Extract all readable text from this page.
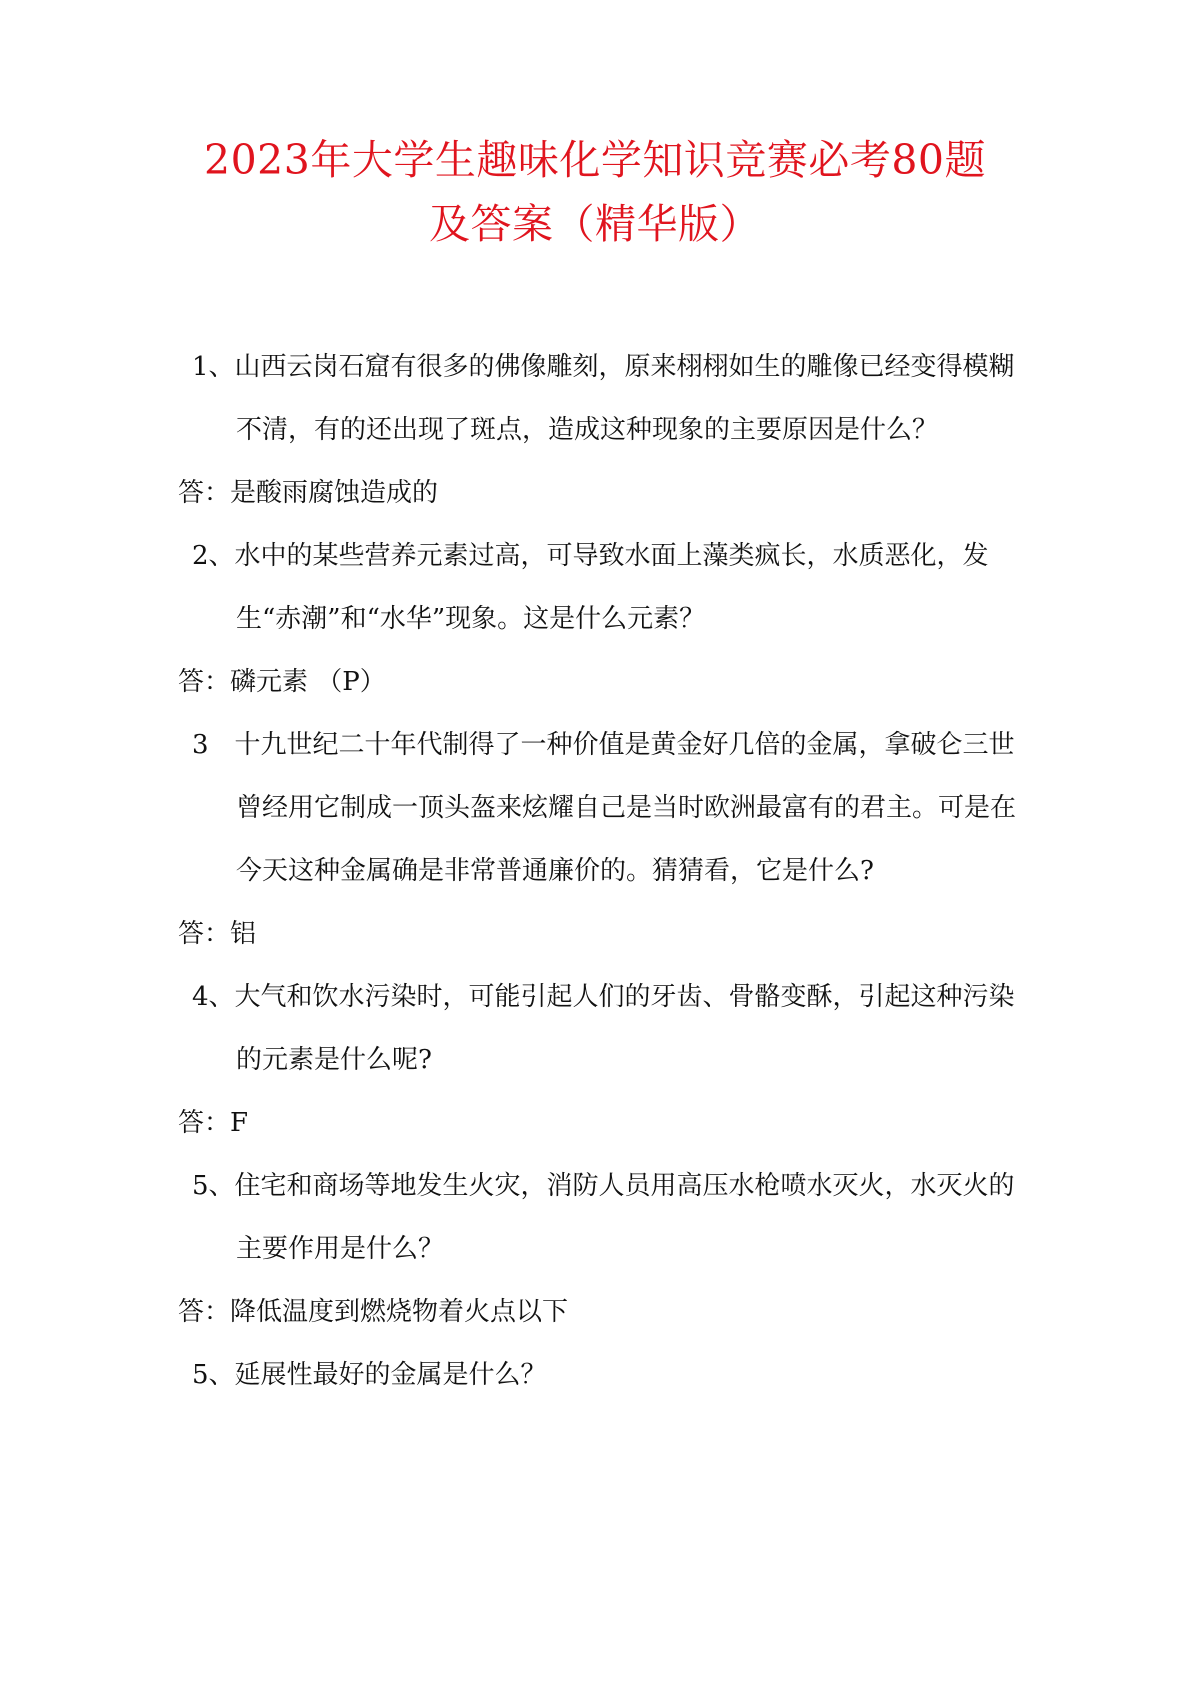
2023年大学生趣味化学知识竞赛必考80题
及答案（精华版）

1、山西云岗石窟有很多的佛像雕刻，原来栩栩如生的雕像已经变得模糊不清，有的还出现了斑点，造成这种现象的主要原因是什么？

答：是酸雨腐蚀造成的

2、水中的某些营养元素过高，可导致水面上藻类疯长，水质恶化，发生“赤潮”和“水华”现象。这是什么元素？

答：磷元素 （P）

3　十九世纪二十年代制得了一种价值是黄金好几倍的金属，拿破仑三世曾经用它制成一顶头盔来炫耀自己是当时欧洲最富有的君主。可是在今天这种金属确是非常普通廉价的。猜猜看，它是什么?

答：铝

4、大气和饮水污染时，可能引起人们的牙齿、骨骼变酥，引起这种污染的元素是什么呢?

答：F

5、住宅和商场等地发生火灾，消防人员用高压水枪喷水灭火，水灭火的主要作用是什么？

答：降低温度到燃烧物着火点以下

5、延展性最好的金属是什么？
